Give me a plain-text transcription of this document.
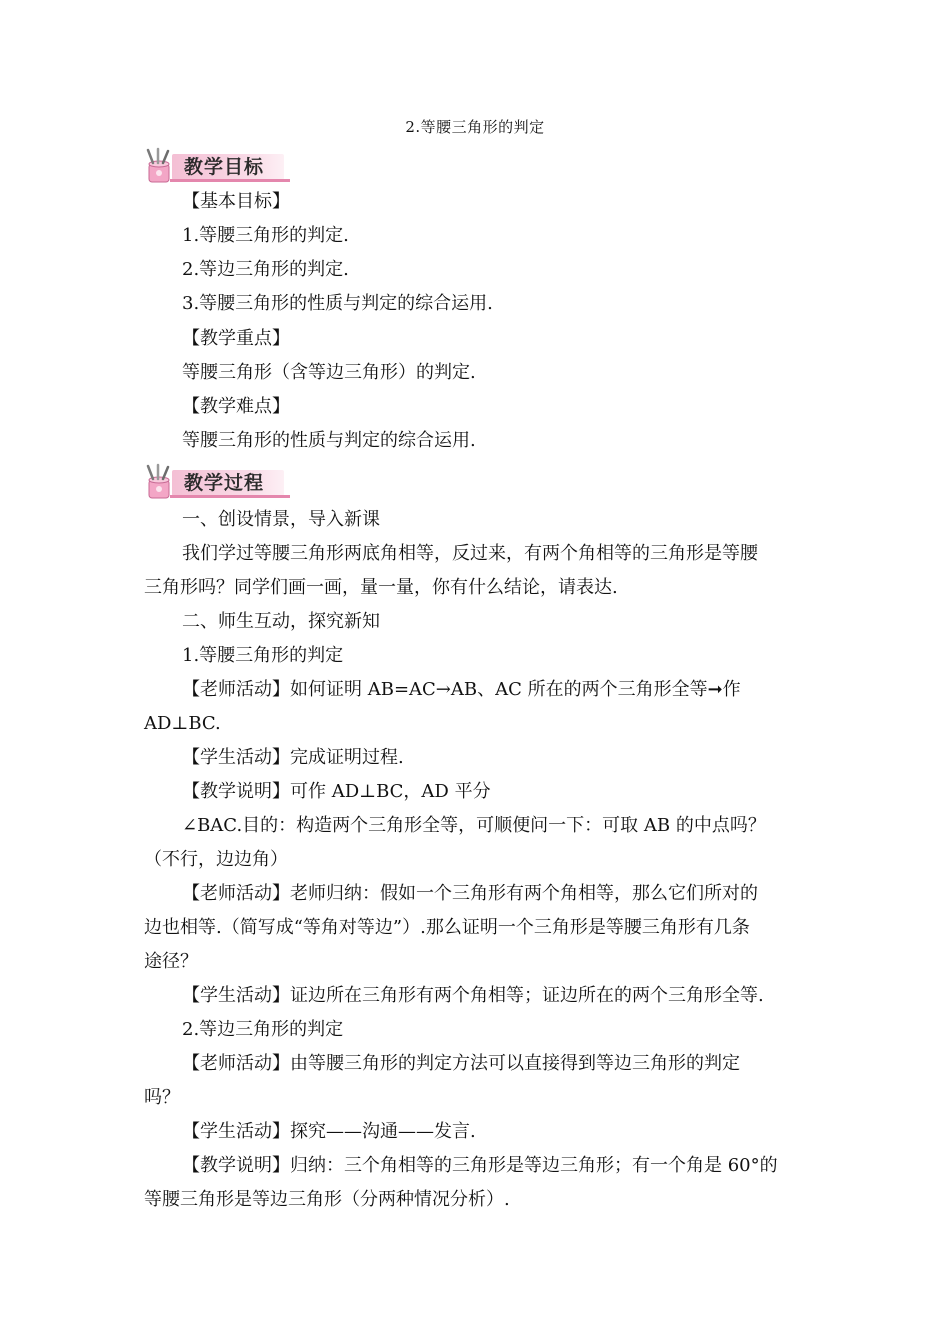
2.等腰三角形的判定
教学目标
【基本目标】
1.等腰三角形的判定.
2.等边三角形的判定.
3.等腰三角形的性质与判定的综合运用.
【教学重点】
等腰三角形（含等边三角形）的判定.
【教学难点】
等腰三角形的性质与判定的综合运用.
教学过程
一、创设情景，导入新课
我们学过等腰三角形两底角相等，反过来，有两个角相等的三角形是等腰
三角形吗？同学们画一画，量一量，你有什么结论，请表达.
二、师生互动，探究新知
1.等腰三角形的判定
【老师活动】如何证明 AB=AC→AB、AC 所在的两个三角形全等➞作
AD⊥BC.
【学生活动】完成证明过程.
【教学说明】可作 AD⊥BC，AD 平分
∠BAC.目的：构造两个三角形全等，可顺便问一下：可取 AB 的中点吗？
（不行，边边角）
【老师活动】老师归纳：假如一个三角形有两个角相等，那么它们所对的
边也相等.（简写成“等角对等边”）.那么证明一个三角形是等腰三角形有几条
途径？
【学生活动】证边所在三角形有两个角相等；证边所在的两个三角形全等.
2.等边三角形的判定
【老师活动】由等腰三角形的判定方法可以直接得到等边三角形的判定
吗？
【学生活动】探究——沟通——发言.
【教学说明】归纳：三个角相等的三角形是等边三角形；有一个角是 60°的
等腰三角形是等边三角形（分两种情况分析）.
